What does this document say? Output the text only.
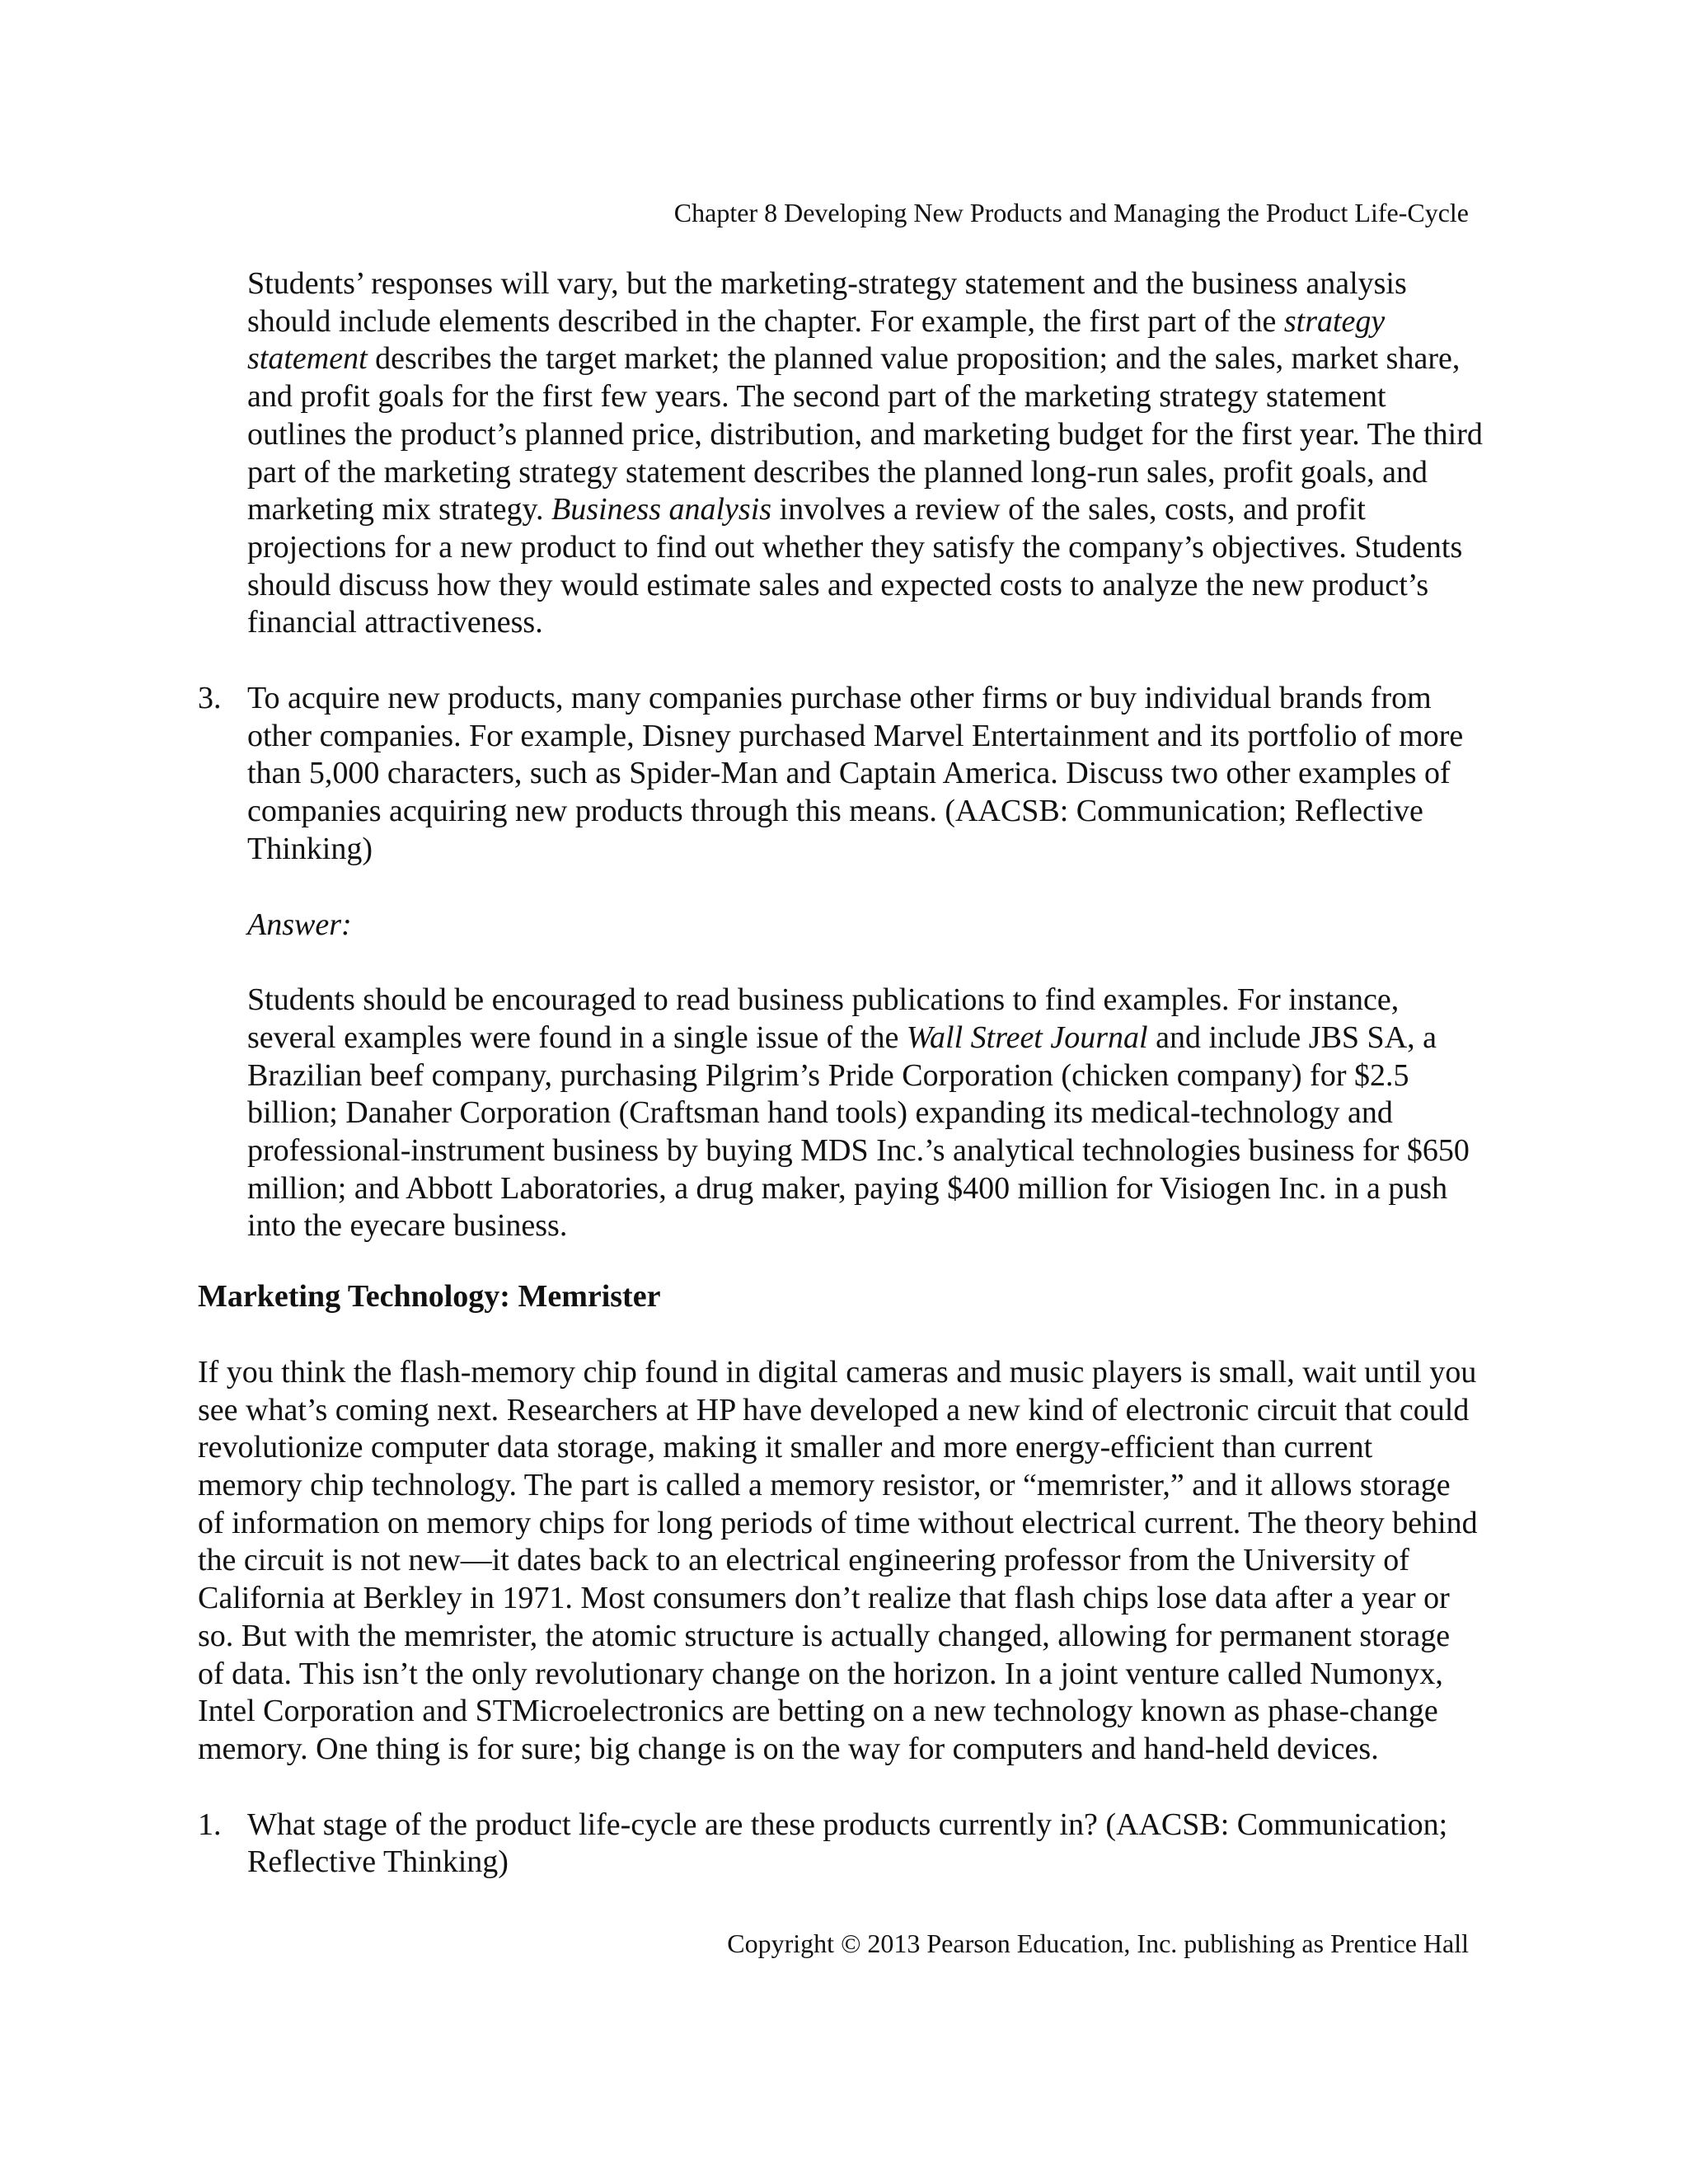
Chapter 8 Developing New Products and Managing the Product Life-Cycle

Students’ responses will vary, but the marketing-strategy statement and the business analysis should include elements described in the chapter. For example, the first part of the strategy statement describes the target market; the planned value proposition; and the sales, market share, and profit goals for the first few years. The second part of the marketing strategy statement outlines the product’s planned price, distribution, and marketing budget for the first year. The third part of the marketing strategy statement describes the planned long-run sales, profit goals, and marketing mix strategy. Business analysis involves a review of the sales, costs, and profit projections for a new product to find out whether they satisfy the company’s objectives. Students should discuss how they would estimate sales and expected costs to analyze the new product’s financial attractiveness.

3. To acquire new products, many companies purchase other firms or buy individual brands from other companies. For example, Disney purchased Marvel Entertainment and its portfolio of more than 5,000 characters, such as Spider-Man and Captain America. Discuss two other examples of companies acquiring new products through this means. (AACSB: Communication; Reflective Thinking)

Answer:

Students should be encouraged to read business publications to find examples. For instance, several examples were found in a single issue of the Wall Street Journal and include JBS SA, a Brazilian beef company, purchasing Pilgrim’s Pride Corporation (chicken company) for $2.5 billion; Danaher Corporation (Craftsman hand tools) expanding its medical-technology and professional-instrument business by buying MDS Inc.’s analytical technologies business for $650 million; and Abbott Laboratories, a drug maker, paying $400 million for Visiogen Inc. in a push into the eyecare business.

Marketing Technology: Memrister

If you think the flash-memory chip found in digital cameras and music players is small, wait until you see what’s coming next. Researchers at HP have developed a new kind of electronic circuit that could revolutionize computer data storage, making it smaller and more energy-efficient than current memory chip technology. The part is called a memory resistor, or “memrister,” and it allows storage of information on memory chips for long periods of time without electrical current. The theory behind the circuit is not new—it dates back to an electrical engineering professor from the University of California at Berkley in 1971. Most consumers don’t realize that flash chips lose data after a year or so. But with the memrister, the atomic structure is actually changed, allowing for permanent storage of data. This isn’t the only revolutionary change on the horizon. In a joint venture called Numonyx, Intel Corporation and STMicroelectronics are betting on a new technology known as phase-change memory. One thing is for sure; big change is on the way for computers and hand-held devices.

1. What stage of the product life-cycle are these products currently in? (AACSB: Communication; Reflective Thinking)
Copyright © 2013 Pearson Education, Inc. publishing as Prentice Hall
